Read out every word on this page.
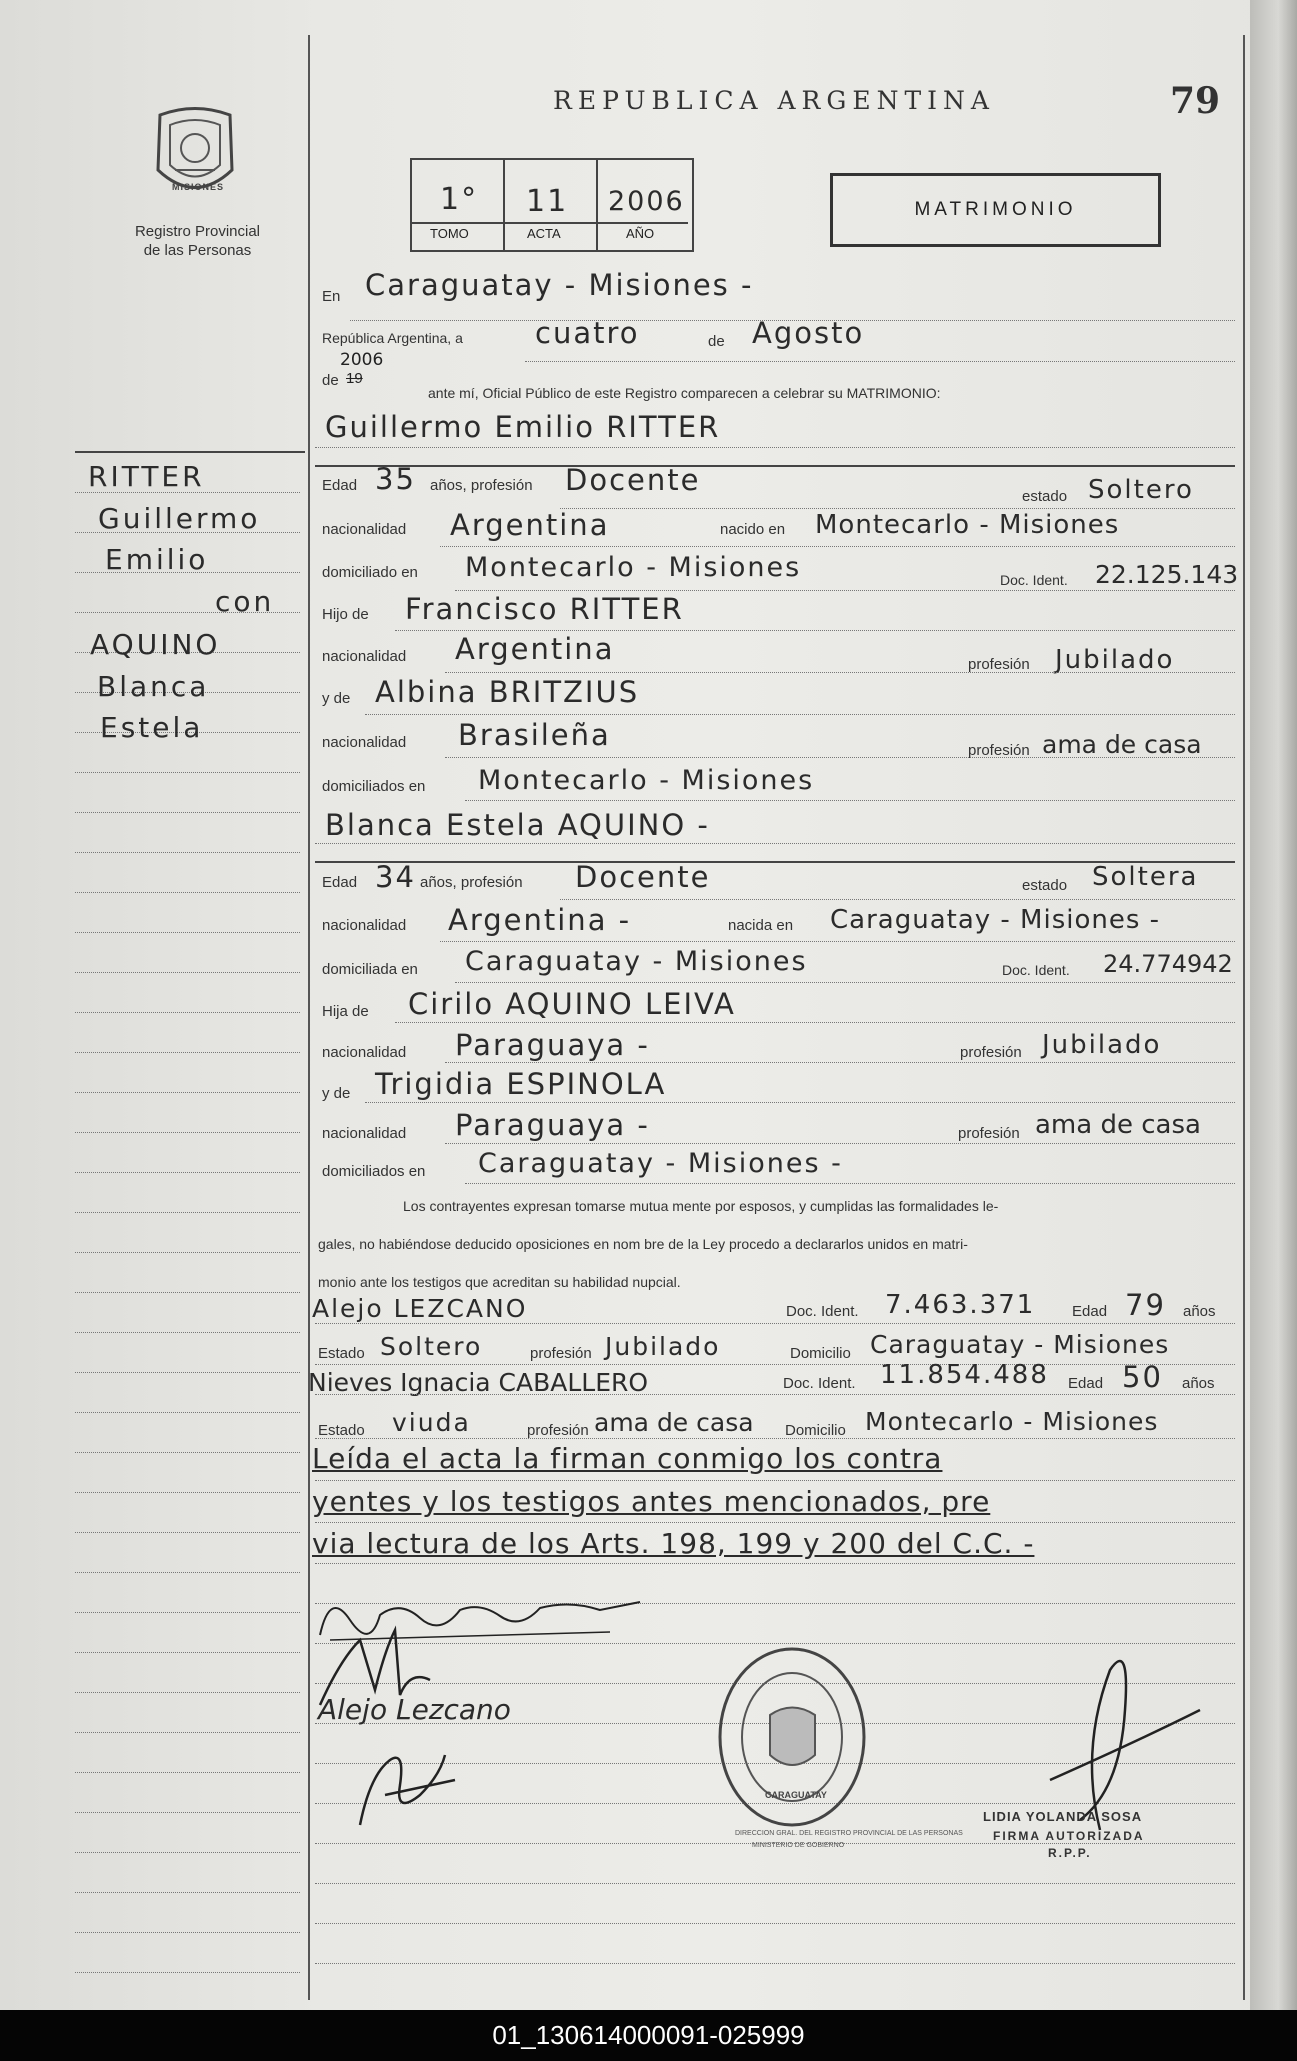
MISIONES
Registro Provincial
de las Personas
REPUBLICA ARGENTINA	79
1° 11 2006
TOMO	ACTA	AÑO
MATRIMONIO
RITTER
Guillermo
Emilio
con
AQUINO
Blanca
Estela
En Caraguatay - Misiones -
República Argentina, a cuatro	de Agosto
de 19
2006
ante mí, Oficial Público de este Registro comparecen a celebrar su MATRIMONIO:
Guillermo Emilio RITTER
Edad 35 años, profesión Docente	estado Soltero
nacionalidad Argentina	nacido en Montecarlo - Misiones
domiciliado en Montecarlo - Misiones	Doc. Ident. 22.125.143
Hijo de Francisco RITTER
nacionalidad Argentina	profesión Jubilado
y de Albina BRITZIUS
nacionalidad Brasileña	profesión ama de casa
domiciliados en Montecarlo - Misiones
Blanca Estela AQUINO -
Edad 34 años, profesión Docente	estado Soltera
nacionalidad Argentina -	nacida en Caraguatay - Misiones -
domiciliada en Caraguatay - Misiones	Doc. Ident. 24.774942
Hija de Cirilo AQUINO LEIVA
nacionalidad Paraguaya -	profesión Jubilado
y de Trigidia ESPINOLA
nacionalidad Paraguaya -	profesión ama de casa
domiciliados en Caraguatay - Misiones -
Los contrayentes expresan tomarse mutua mente por esposos, y cumplidas las formalidades le-
gales, no habiéndose deducido oposiciones en nom bre de la Ley procedo a declararlos unidos en matri-
monio ante los testigos que acreditan su habilidad nupcial.
Alejo LEZCANO	Doc. Ident. 7.463.371 Edad 79 años
Estado Soltero	profesión Jubilado	Domicilio Caraguatay - Misiones
Nieves Ignacia CABALLERO	Doc. Ident. 11.854.488 Edad 50 años
Estado viuda	profesión ama de casa Domicilio Montecarlo - Misiones
Leída el acta la firman conmigo los contra
yentes y los testigos antes mencionados, pre
via lectura de los Arts. 198, 199 y 200 del C.C. -
Alejo Lezcano
DIRECCION GRAL. DEL REGISTRO PROVINCIAL DE LAS PERSONAS
MINISTERIO DE GOBIERNO
CARAGUATAY
LIDIA YOLANDA SOSA
FIRMA AUTORIZADA
R.P.P.
01_130614000091-025999
